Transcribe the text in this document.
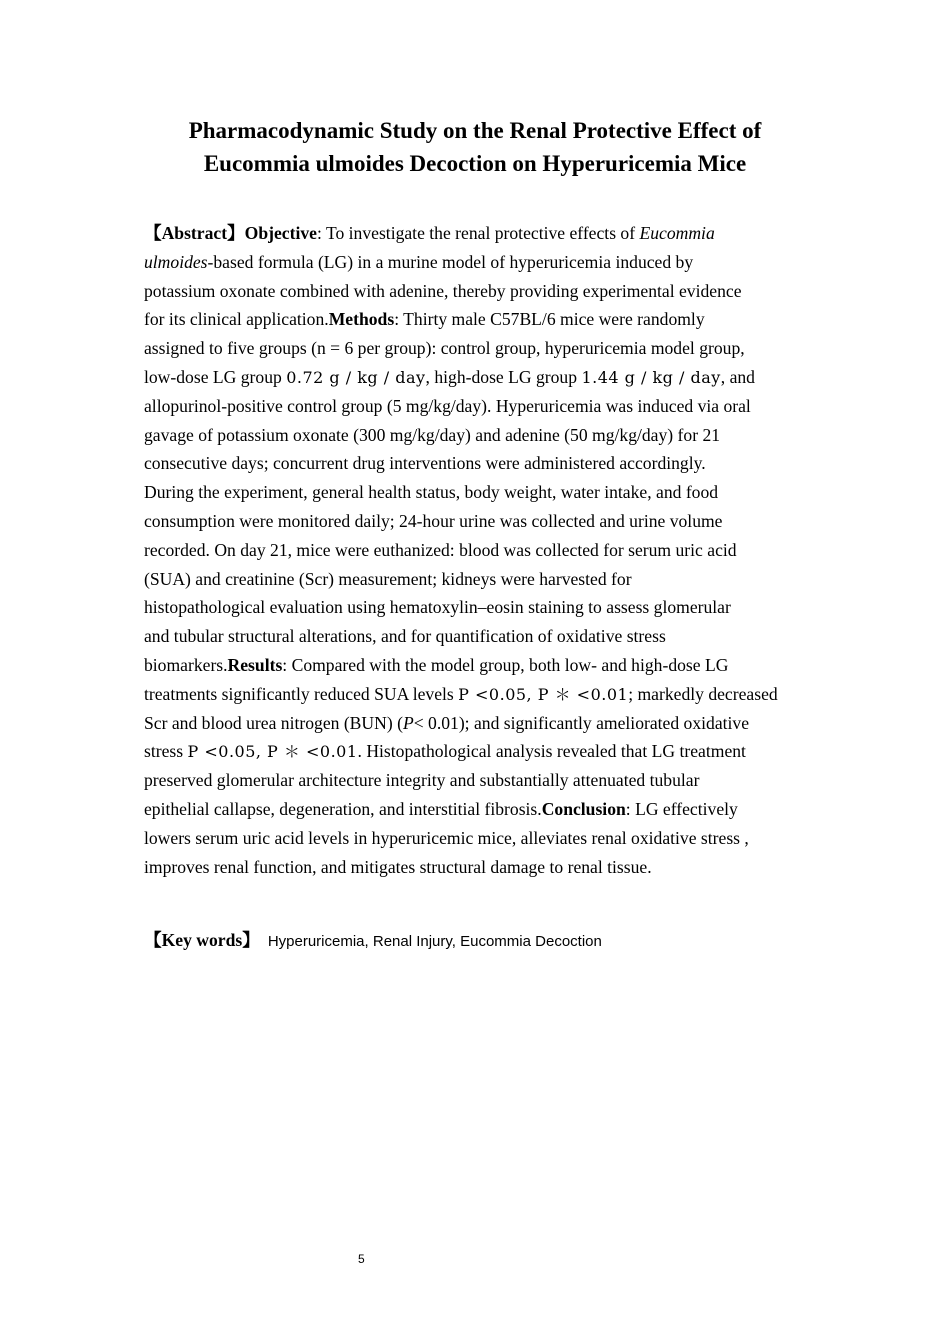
Pharmacodynamic Study on the Renal Protective Effect of
Eucommia ulmoides Decoction on Hyperuricemia Mice
【Abstract】Objective: To investigate the renal protective effects of Eucommia
ulmoides-based formula (LG) in a murine model of hyperuricemia induced by
potassium oxonate combined with adenine, thereby providing experimental evidence
for its clinical application.Methods: Thirty male C57BL/6 mice were randomly
assigned to five groups (n = 6 per group): control group, hyperuricemia model group,
low-dose LG group 0.72 g / kg / day, high-dose LG group 1.44 g / kg / day, and
allopurinol-positive control group (5 mg/kg/day). Hyperuricemia was induced via oral
gavage of potassium oxonate (300 mg/kg/day) and adenine (50 mg/kg/day) for 21
consecutive days; concurrent drug interventions were administered accordingly.
During the experiment, general health status, body weight, water intake, and food
consumption were monitored daily; 24-hour urine was collected and urine volume
recorded. On day 21, mice were euthanized: blood was collected for serum uric acid
(SUA) and creatinine (Scr) measurement; kidneys were harvested for
histopathological evaluation using hematoxylin–eosin staining to assess glomerular
and tubular structural alterations, and for quantification of oxidative stress
biomarkers.Results: Compared with the model group, both low- and high-dose LG
treatments significantly reduced SUA levels P <0.05, P ＊ <0.01; markedly decreased
Scr and blood urea nitrogen (BUN) (P< 0.01); and significantly ameliorated oxidative
stress P <0.05, P ＊ <0.01. Histopathological analysis revealed that LG treatment
preserved glomerular architecture integrity and substantially attenuated tubular
epithelial callapse, degeneration, and interstitial fibrosis.Conclusion: LG effectively
lowers serum uric acid levels in hyperuricemic mice, alleviates renal oxidative stress ,
improves renal function, and mitigates structural damage to renal tissue.
【Key words】 Hyperuricemia, Renal Injury, Eucommia Decoction
5
